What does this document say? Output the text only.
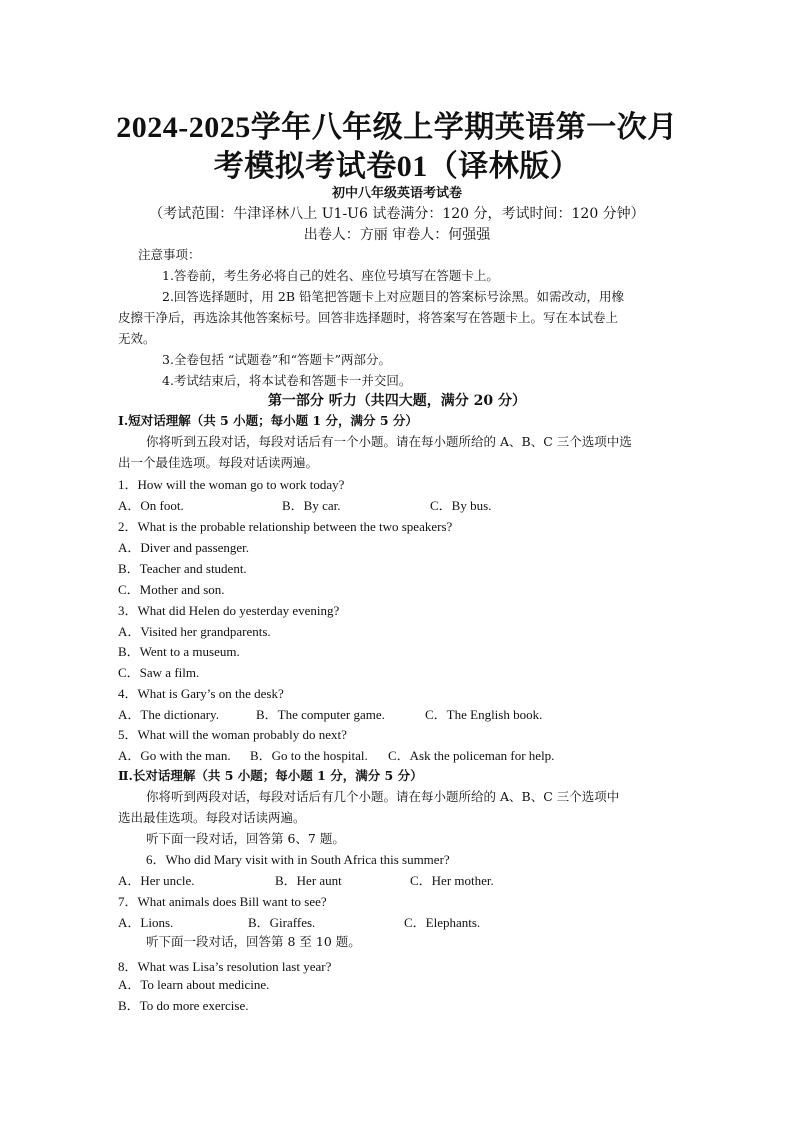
2024-2025学年八年级上学期英语第一次月
考模拟考试卷01（译林版）
初中八年级英语考试卷
（考试范围：牛津译林八上 U1-U6 试卷满分：120 分，考试时间：120 分钟）
出卷人：方丽 审卷人：何强强
注意事项：
1.答卷前，考生务必将自己的姓名、座位号填写在答题卡上。
2.回答选择题时，用 2B 铅笔把答题卡上对应题目的答案标号涂黑。如需改动，用橡
皮擦干净后，再选涂其他答案标号。回答非选择题时，将答案写在答题卡上。写在本试卷上
无效。
3.全卷包括 “试题卷”和“答题卡”两部分。
4.考试结束后，将本试卷和答题卡一并交回。
第一部分 听力（共四大题，满分 20 分）
Ⅰ.短对话理解（共 5 小题；每小题 1 分，满分 5 分）
你将听到五段对话，每段对话后有一个小题。请在每小题所给的 A、B、C 三个选项中选
出一个最佳选项。每段对话读两遍。
1．How will the woman go to work today?
A．On foot.	B．By car.	C．By bus.
2．What is the probable relationship between the two speakers?
A．Diver and passenger.
B．Teacher and student.
C．Mother and son.
3．What did Helen do yesterday evening?
A．Visited her grandparents.
B．Went to a museum.
C．Saw a film.
4．What is Gary’s on the desk?
A．The dictionary.	B．The computer game.	C．The English book.
5．What will the woman probably do next?
A．Go with the man. B．Go to the hospital. C．Ask the policeman for help.
Ⅱ.长对话理解（共 5 小题；每小题 1 分，满分 5 分）
你将听到两段对话，每段对话后有几个小题。请在每小题所给的 A、B、C 三个选项中
选出最佳选项。每段对话读两遍。
听下面一段对话，回答第 6、7 题。
6．Who did Mary visit with in South Africa this summer?
A．Her uncle.	B．Her aunt	C．Her mother.
7．What animals does Bill want to see?
A．Lions.	B．Giraffes.	C．Elephants.
听下面一段对话，回答第 8 至 10 题。
8．What was Lisa’s resolution last year?
A．To learn about medicine.
B．To do more exercise.
